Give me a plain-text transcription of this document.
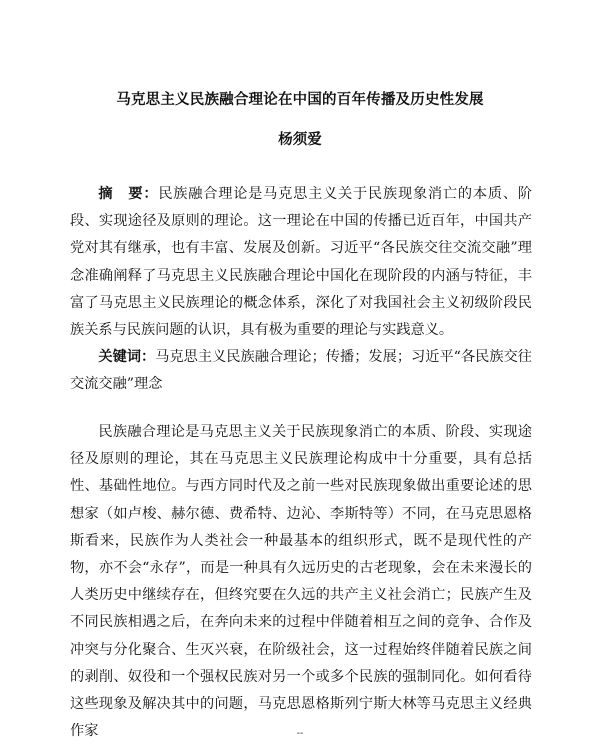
马克思主义民族融合理论在中国的百年传播及历史性发展
杨须爱

摘　要：民族融合理论是马克思主义关于民族现象消亡的本质、阶段、实现途径及原则的理论。这一理论在中国的传播已近百年，中国共产党对其有继承，也有丰富、发展及创新。习近平“各民族交往交流交融”理念准确阐释了马克思主义民族融合理论中国化在现阶段的内涵与特征，丰富了马克思主义民族理论的概念体系，深化了对我国社会主义初级阶段民族关系与民族问题的认识，具有极为重要的理论与实践意义。

关键词：马克思主义民族融合理论；传播；发展；习近平“各民族交往交流交融”理念

民族融合理论是马克思主义关于民族现象消亡的本质、阶段、实现途径及原则的理论，其在马克思主义民族理论构成中十分重要，具有总括性、基础性地位。与西方同时代及之前一些对民族现象做出重要论述的思想家（如卢梭、赫尔德、费希特、边沁、李斯特等）不同，在马克思恩格斯看来，民族作为人类社会一种最基本的组织形式，既不是现代性的产物，亦不会“永存”，而是一种具有久远历史的古老现象，会在未来漫长的人类历史中继续存在，但终究要在久远的共产主义社会消亡；民族产生及不同民族相遇之后，在奔向未来的过程中伴随着相互之间的竞争、合作及冲突与分化聚合、生灭兴衰，在阶级社会，这一过程始终伴随着民族之间的剥削、奴役和一个强权民族对另一个或多个民族的强制同化。如何看待这些现象及解决其中的问题，马克思恩格斯列宁斯大林等马克思主义经典作家	--
